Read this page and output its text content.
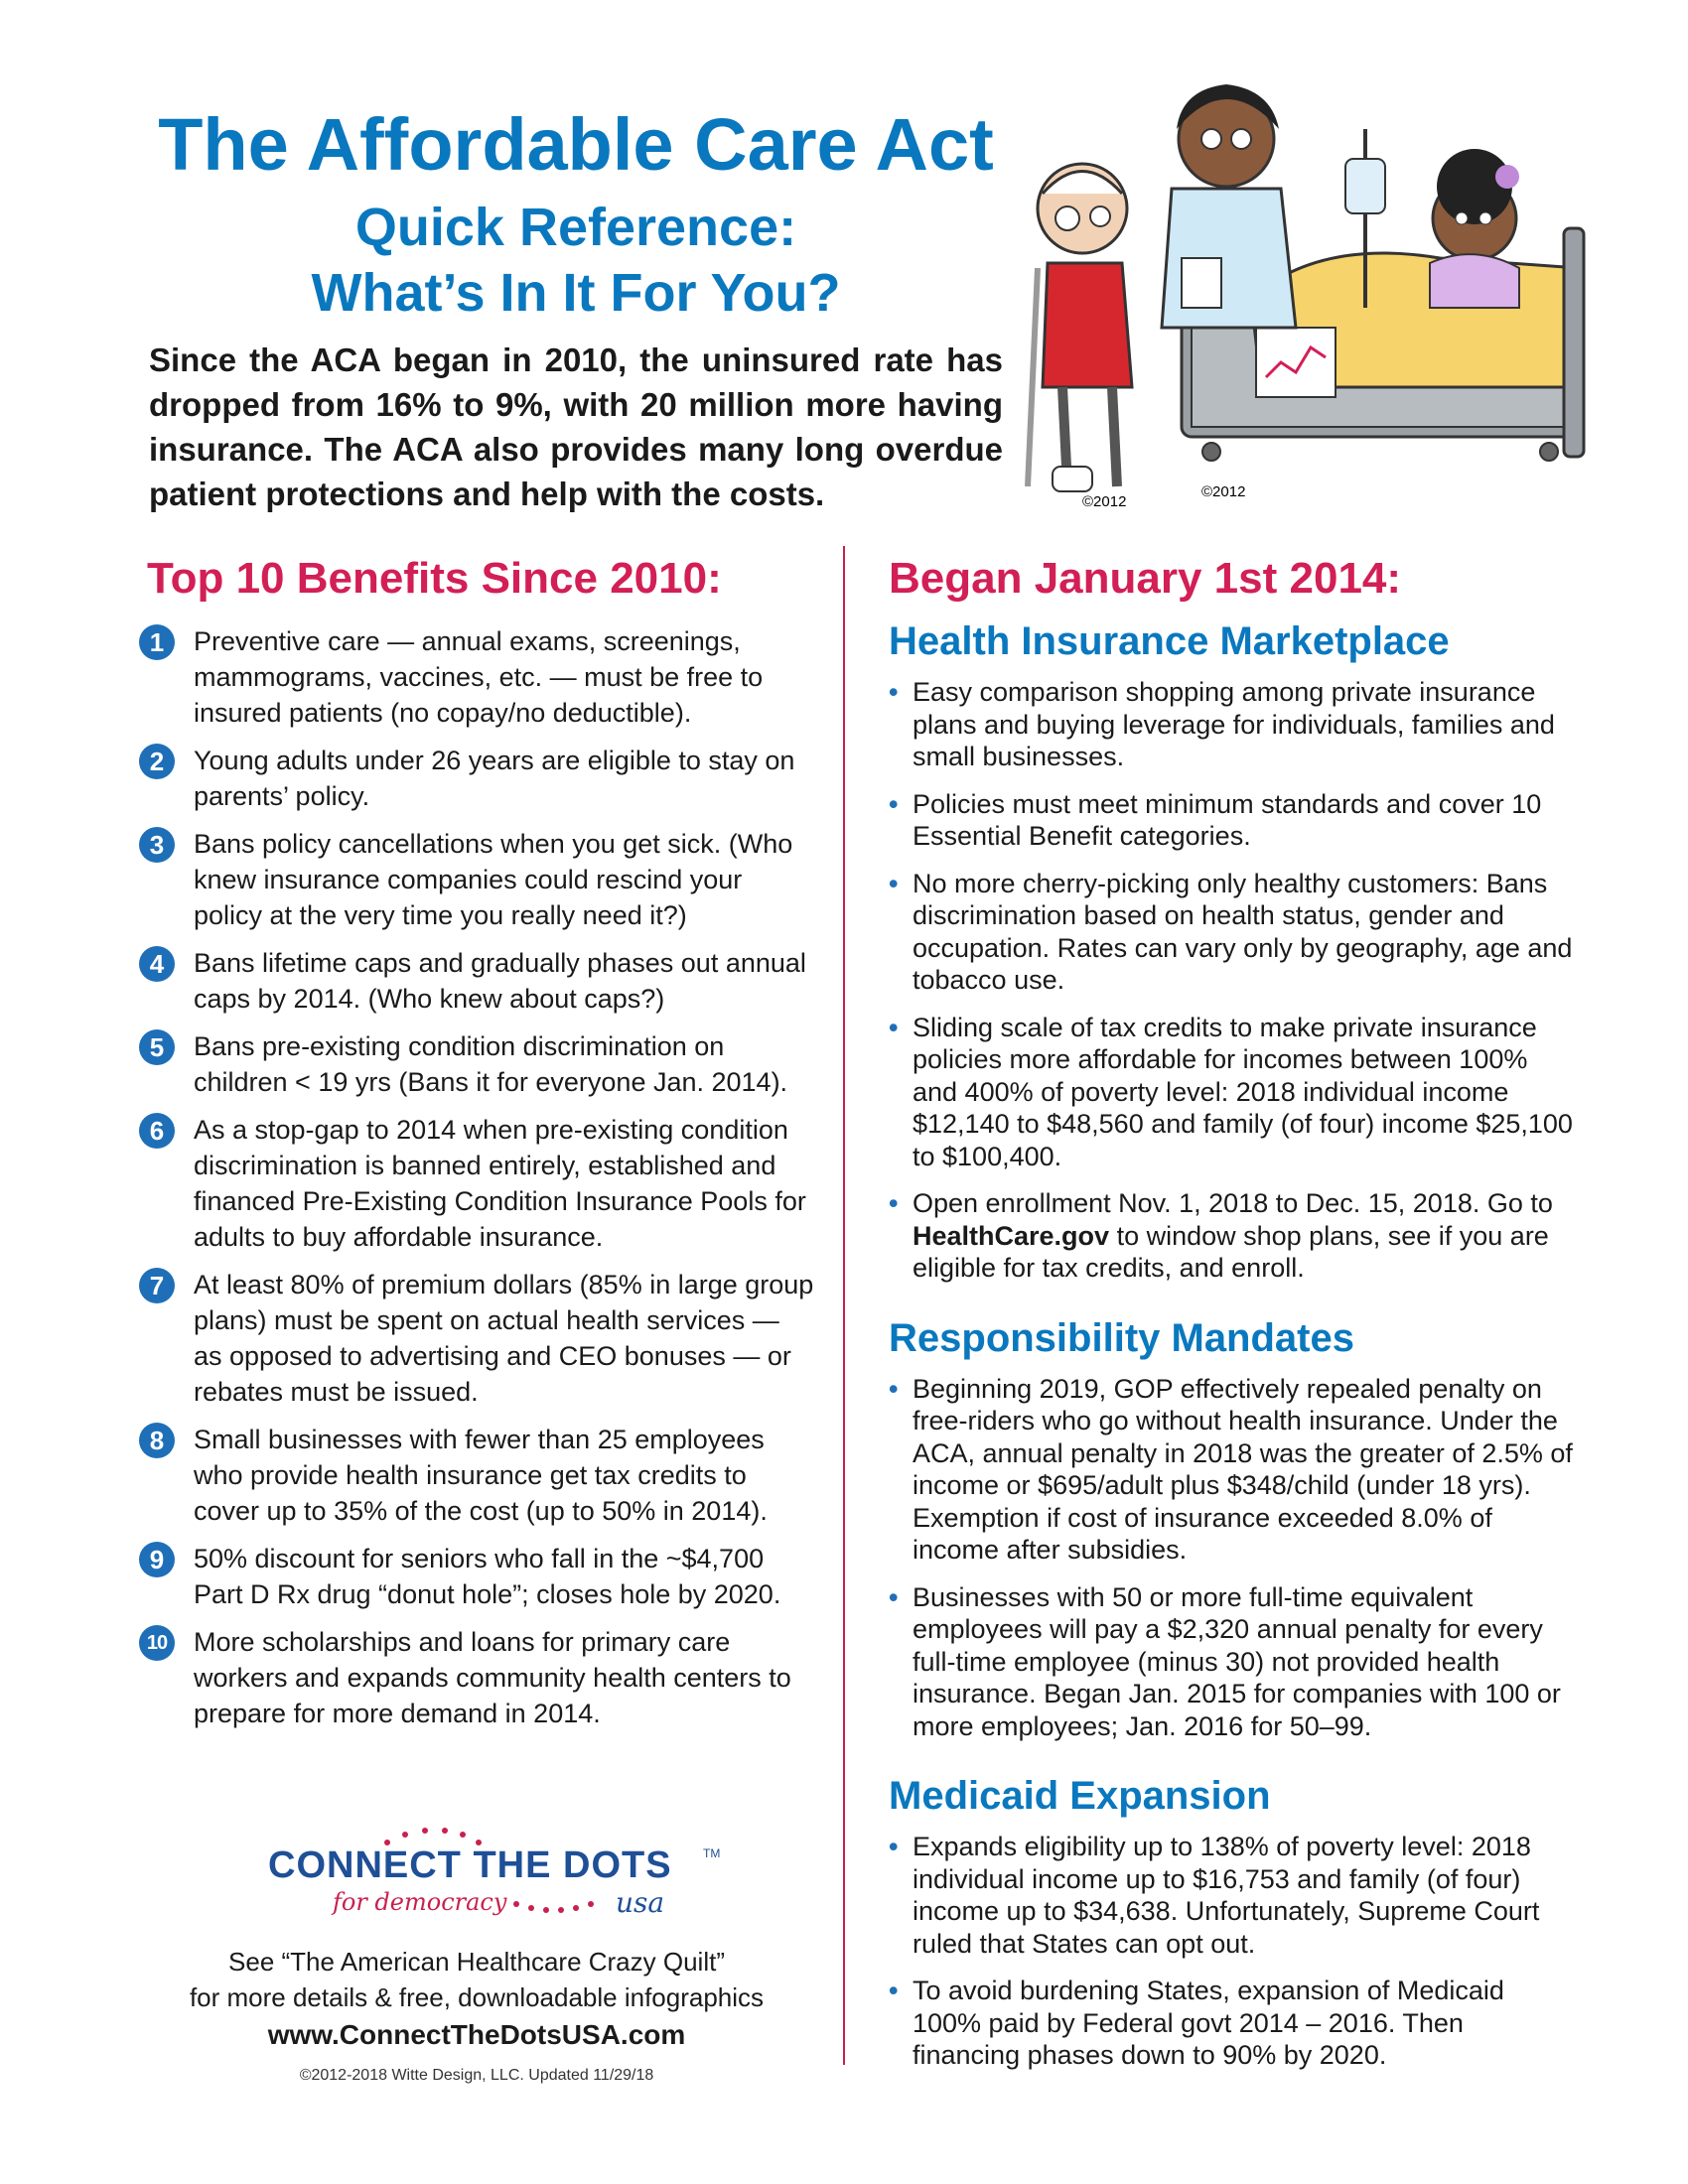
The Affordable Care Act
Quick Reference:
What’s In It For You?
Since the ACA began in 2010, the uninsured rate has dropped from 16% to 9%, with 20 million more having insurance. The ACA also provides many long overdue patient protections and help with the costs.	©2012
©2012
Top 10 Benefits Since 2010:
1	Preventive care — annual exams, screenings, mammograms, vaccines, etc. — must be free to insured patients (no copay/no deductible).
2	Young adults under 26 years are eligible to stay on parents’ policy.
3	Bans policy cancellations when you get sick. (Who knew insurance companies could rescind your policy at the very time you really need it?)
4	Bans lifetime caps and gradually phases out annual caps by 2014. (Who knew about caps?)
5	Bans pre-existing condition discrimination on children < 19 yrs (Bans it for everyone Jan. 2014).
6	As a stop-gap to 2014 when pre-existing condition discrimination is banned entirely, established and financed Pre-Existing Condition Insurance Pools for adults to buy affordable insurance.
7	At least 80% of premium dollars (85% in large group plans) must be spent on actual health services — as opposed to advertising and CEO bonuses — or rebates must be issued.
8	Small businesses with fewer than 25 employees who provide health insurance get tax credits to cover up to 35% of the cost (up to 50% in 2014).
9	50% discount for seniors who fall in the ~$4,700 Part D Rx drug “donut hole”; closes hole by 2020.
10 More scholarships and loans for primary care workers and expands community health centers to prepare for more demand in 2014.
CONNECT THE DOTS	TM
for democracy	usa
See “The American Healthcare Crazy Quilt”
for more details & free, downloadable infographics
www.ConnectTheDotsUSA.com
©2012-2018 Witte Design, LLC. Updated 11/29/18
Began January 1st 2014:
Health Insurance Marketplace
• Easy comparison shopping among private insurance plans and buying leverage for individuals, families and small businesses.
• Policies must meet minimum standards and cover 10 Essential Benefit categories.
• No more cherry-picking only healthy customers: Bans discrimination based on health status, gender and occupation. Rates can vary only by geography, age and tobacco use.
• Sliding scale of tax credits to make private insurance policies more affordable for incomes between 100% and 400% of poverty level: 2018 individual income $12,140 to $48,560 and family (of four) income $25,100 to $100,400.
• Open enrollment Nov. 1, 2018 to Dec. 15, 2018. Go to HealthCare.gov to window shop plans, see if you are eligible for tax credits, and enroll.
Responsibility Mandates
• Beginning 2019, GOP effectively repealed penalty on free-riders who go without health insurance. Under the ACA, annual penalty in 2018 was the greater of 2.5% of income or $695/adult plus $348/child (under 18 yrs). Exemption if cost of insurance exceeded 8.0% of income after subsidies.
• Businesses with 50 or more full-time equivalent employees will pay a $2,320 annual penalty for every full-time employee (minus 30) not provided health insurance. Began Jan. 2015 for companies with 100 or more employees; Jan. 2016 for 50–99.
Medicaid Expansion
• Expands eligibility up to 138% of poverty level: 2018 individual income up to $16,753 and family (of four) income up to $34,638. Unfortunately, Supreme Court ruled that States can opt out.
• To avoid burdening States, expansion of Medicaid 100% paid by Federal govt 2014 – 2016. Then financing phases down to 90% by 2020.
